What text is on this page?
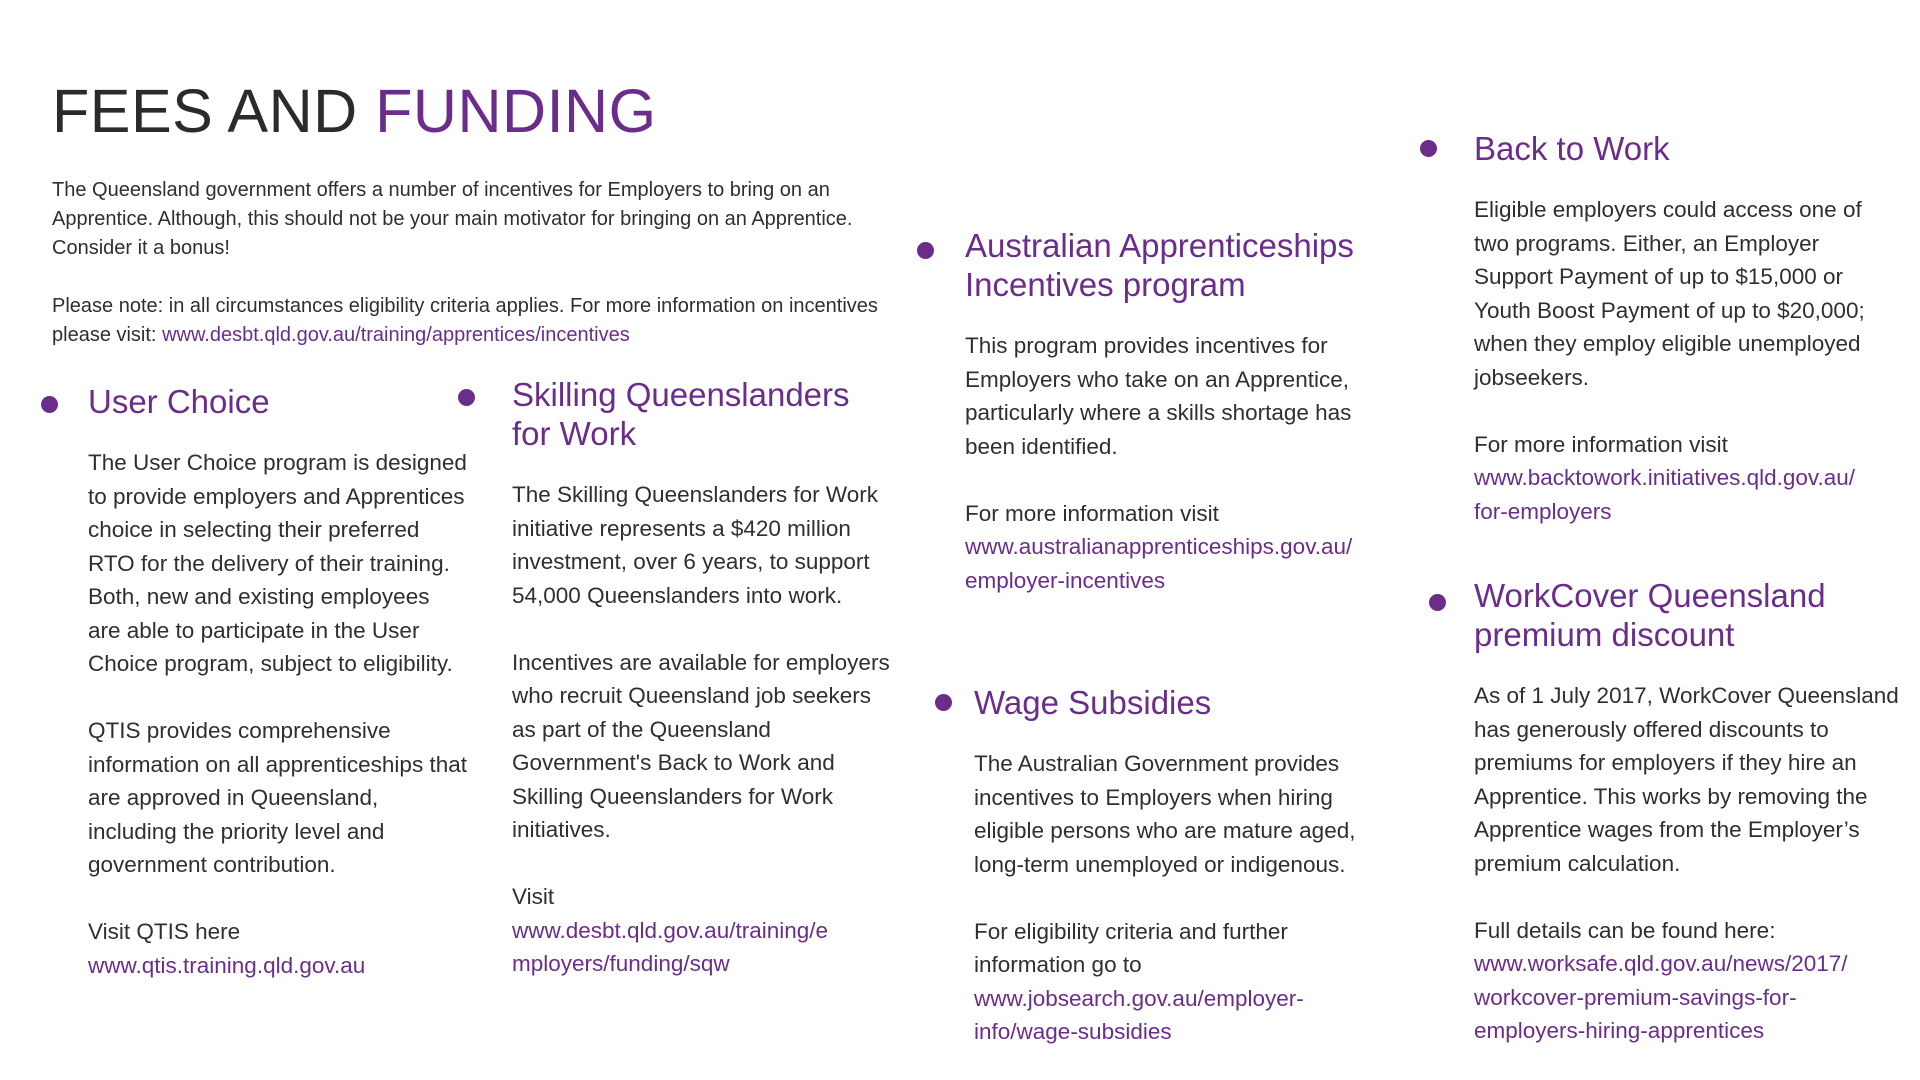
FEES AND FUNDING
The Queensland government offers a number of incentives for Employers to bring on an Apprentice. Although, this should not be your main motivator for bringing on an Apprentice. Consider it a bonus!
Please note: in all circumstances eligibility criteria applies. For more information on incentives please visit: www.desbt.qld.gov.au/training/apprentices/incentives
User Choice
The User Choice program is designed to provide employers and Apprentices choice in selecting their preferred RTO for the delivery of their training. Both, new and existing employees are able to participate in the User Choice program, subject to eligibility.
QTIS provides comprehensive information on all apprenticeships that are approved in Queensland, including the priority level and government contribution.
Visit QTIS here
www.qtis.training.qld.gov.au
Skilling Queenslanders for Work
The Skilling Queenslanders for Work initiative represents a $420 million investment, over 6 years, to support 54,000 Queenslanders into work.
Incentives are available for employers who recruit Queensland job seekers as part of the Queensland Government's Back to Work and Skilling Queenslanders for Work initiatives.
Visit
www.desbt.qld.gov.au/training/e
mployers/funding/sqw
Australian Apprenticeships Incentives program
This program provides incentives for Employers who take on an Apprentice, particularly where a skills shortage has been identified.
For more information visit
www.australianapprenticeships.gov.au/
employer-incentives
Wage Subsidies
The Australian Government provides incentives to Employers when hiring eligible persons who are mature aged, long-term unemployed or indigenous.
For eligibility criteria and further information go to
www.jobsearch.gov.au/employer-
info/wage-subsidies
Back to Work
Eligible employers could access one of two programs. Either, an Employer Support Payment of up to $15,000 or Youth Boost Payment of up to $20,000; when they employ eligible unemployed jobseekers.
For more information visit
www.backtowork.initiatives.qld.gov.au/
for-employers
WorkCover Queensland premium discount
As of 1 July 2017, WorkCover Queensland has generously offered discounts to premiums for employers if they hire an Apprentice. This works by removing the Apprentice wages from the Employer’s premium calculation.
Full details can be found here:
www.worksafe.qld.gov.au/news/2017/
workcover-premium-savings-for-
employers-hiring-apprentices
